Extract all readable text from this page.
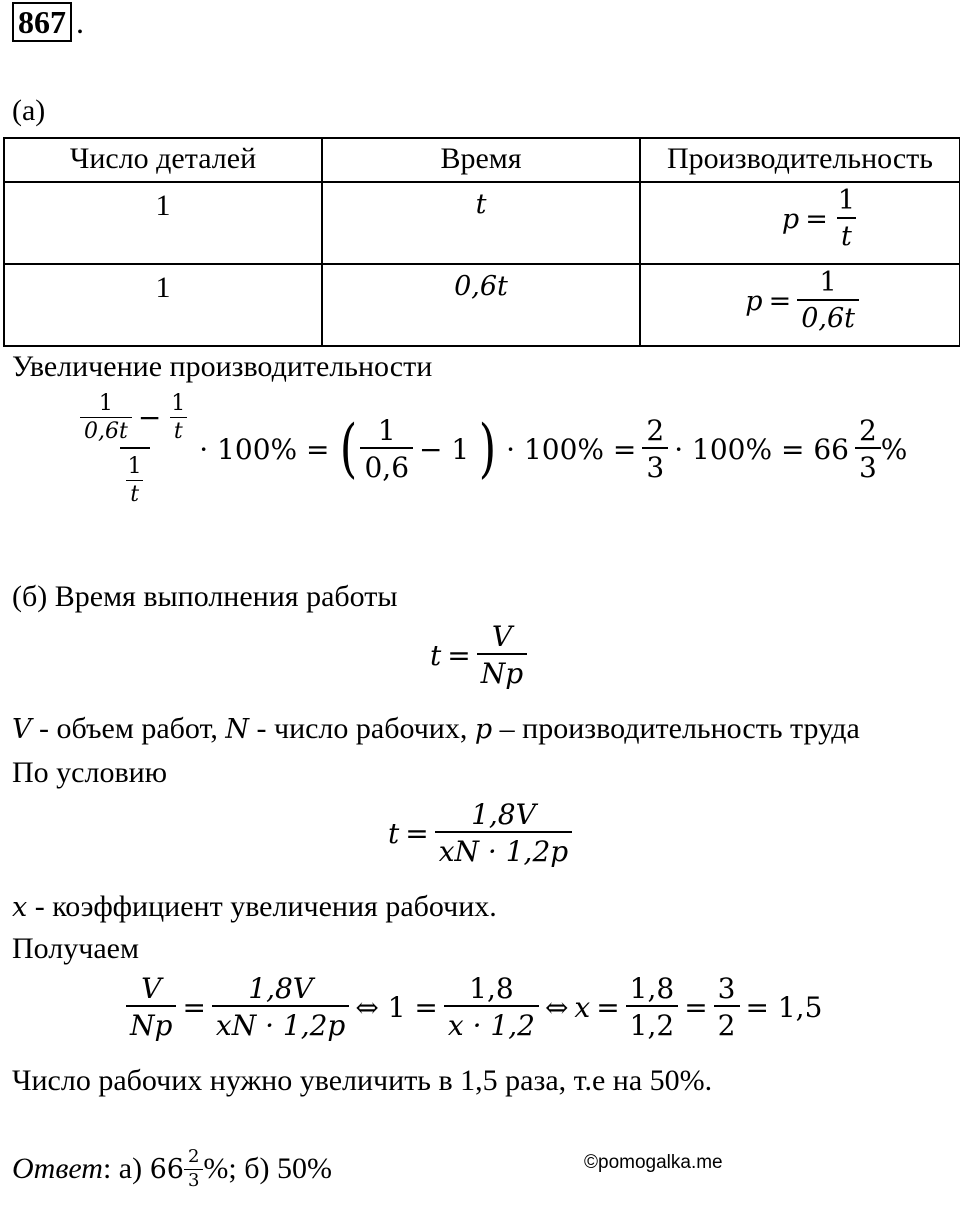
867 .
(а)
Число деталей	Время	Производительность

1	t	$p = \frac{1}{t}$

1	0,6t	$p = \frac{1}{0,6t}$
Увеличение производительности
$\frac{\frac{1}{0,6t} - \frac{1}{t}}{\frac{1}{t}} \cdot 100\%$ = ( $\frac{1}{0,6} - 1$ ) · $100\% = \frac{2}{3} \cdot 100\% = 66 \frac{2}{3}$ %
(б) Время выполнения работы
$t = \frac{V}{Np}$
V - объем работ, N - число рабочих, p – производительность труда
По условию
$t = \frac{1,8V}{xN \cdot 1,2p}$
x - коэффициент увеличения рабочих.
Получаем
$\frac{V}{Np} = \frac{1,8V}{xN \cdot 1,2p}$ ⇔ $1 = \frac{1,8}{x \cdot 1,2}$ ⇔ $x = \frac{1,8}{1,2} = \frac{3}{2} = 1,5$
Число рабочих нужно увеличить в 1,5 раза, т.е на 50%.
Ответ : а) $66 \frac{2}{3}$ %; б) 50%	©pomogalka.me
